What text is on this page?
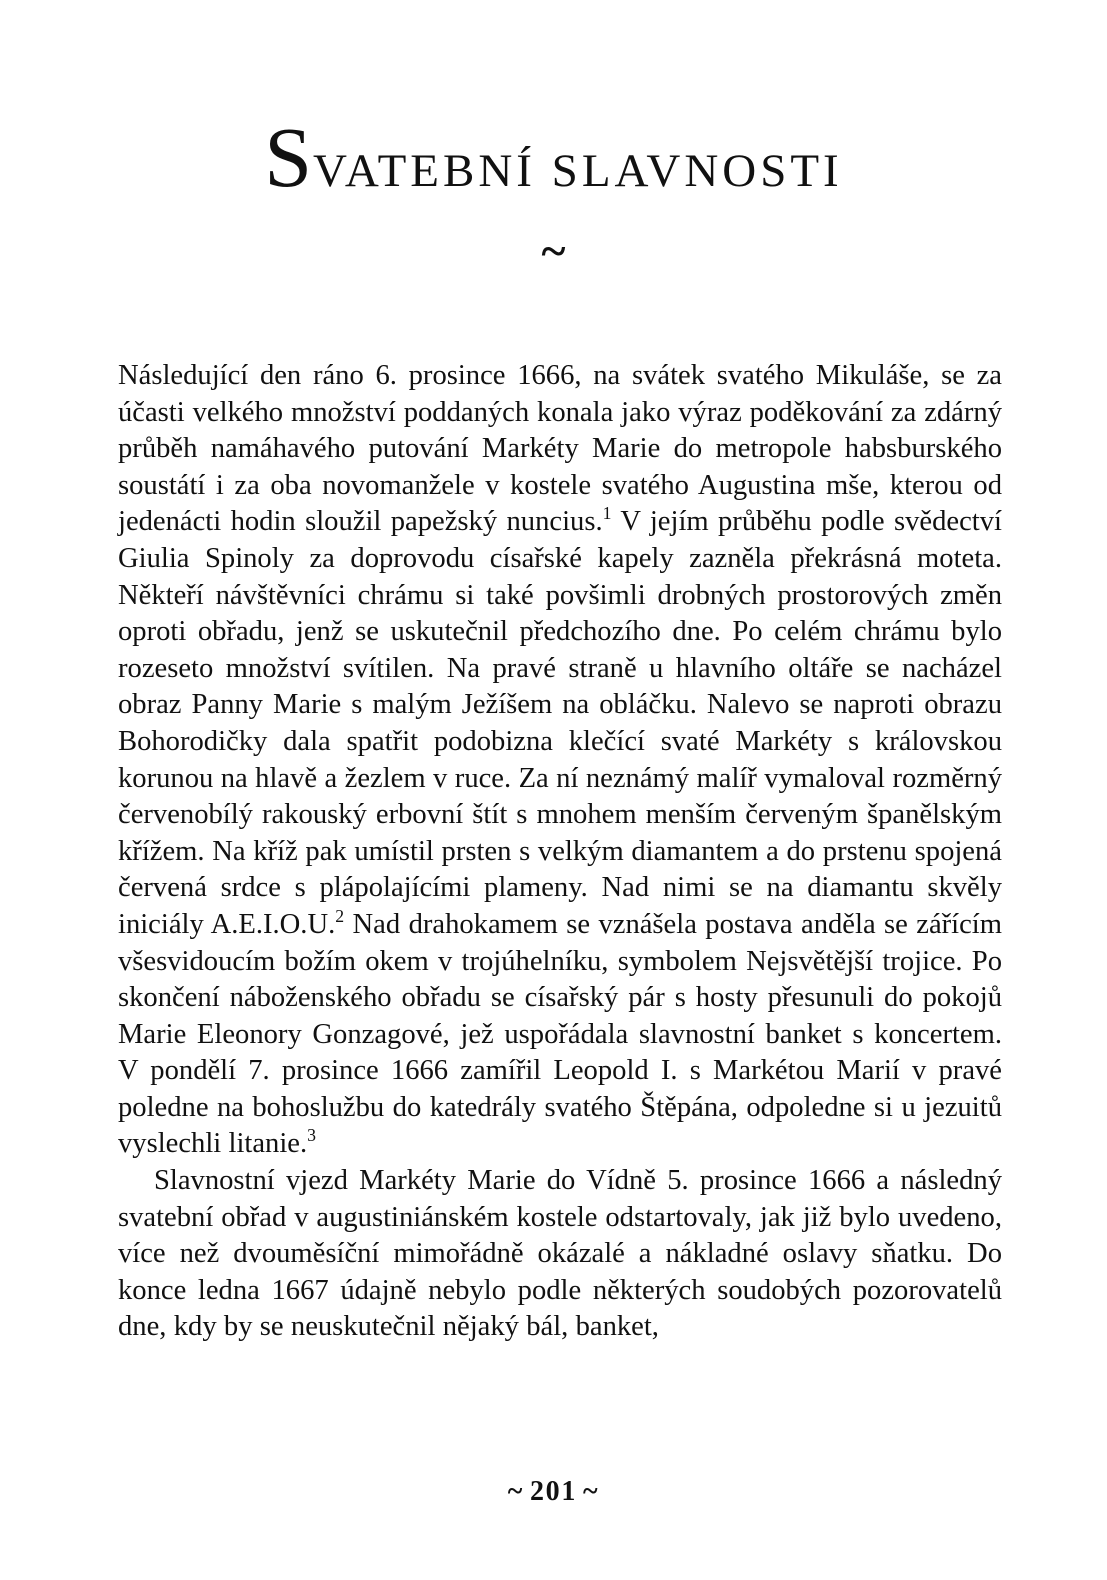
SVATEBNÍ SLAVNOSTI
~

Následující den ráno 6. prosince 1666, na svátek svatého Mikuláše, se za účasti velkého množství poddaných konala jako výraz poděkování za zdárný průběh namáhavého putování Markéty Marie do metropole habsburského soustátí i za oba novomanžele v kostele svatého Augustina mše, kterou od jedenácti hodin sloužil papežský nuncius.$^1$ V jejím průběhu podle svědectví Giulia Spinoly za doprovodu císařské kapely zazněla překrásná moteta. Někteří návštěvníci chrámu si také povšimli drobných prostorových změn oproti obřadu, jenž se uskutečnil předchozího dne. Po celém chrámu bylo rozeseto množství svítilen. Na pravé straně u hlavního oltáře se nacházel obraz Panny Marie s malým Ježíšem na obláčku. Nalevo se naproti obrazu Bohorodičky dala spatřit podobizna klečící svaté Markéty s královskou korunou na hlavě a žezlem v ruce. Za ní neznámý malíř vymaloval rozměrný červenobílý rakouský erbovní štít s mnohem menším červeným španělským křížem. Na kříž pak umístil prsten s velkým diamantem a do prstenu spojená červená srdce s plápolajícími plameny. Nad nimi se na diamantu skvěly iniciály A.E.I.O.U.$^2$ Nad drahokamem se vznášela postava anděla se zářícím všesvidoucím božím okem v trojúhelníku, symbolem Nejsvětější trojice. Po skončení náboženského obřadu se císařský pár s hosty přesunuli do pokojů Marie Eleonory Gonzagové, jež uspořádala slavnostní banket s koncertem. V pondělí 7. prosince 1666 zamířil Leopold I. s Markétou Marií v pravé poledne na bohoslužbu do katedrály svatého Štěpána, odpoledne si u jezuitů vyslechli litanie.$^3$

Slavnostní vjezd Markéty Marie do Vídně 5. prosince 1666 a následný svatební obřad v augustiniánském kostele odstartovaly, jak již bylo uvedeno, více než dvouměsíční mimořádně okázalé a nákladné oslavy sňatku. Do konce ledna 1667 údajně nebylo podle některých soudobých pozorovatelů dne, kdy by se neuskutečnil nějaký bál, banket,

~ 201 ~
